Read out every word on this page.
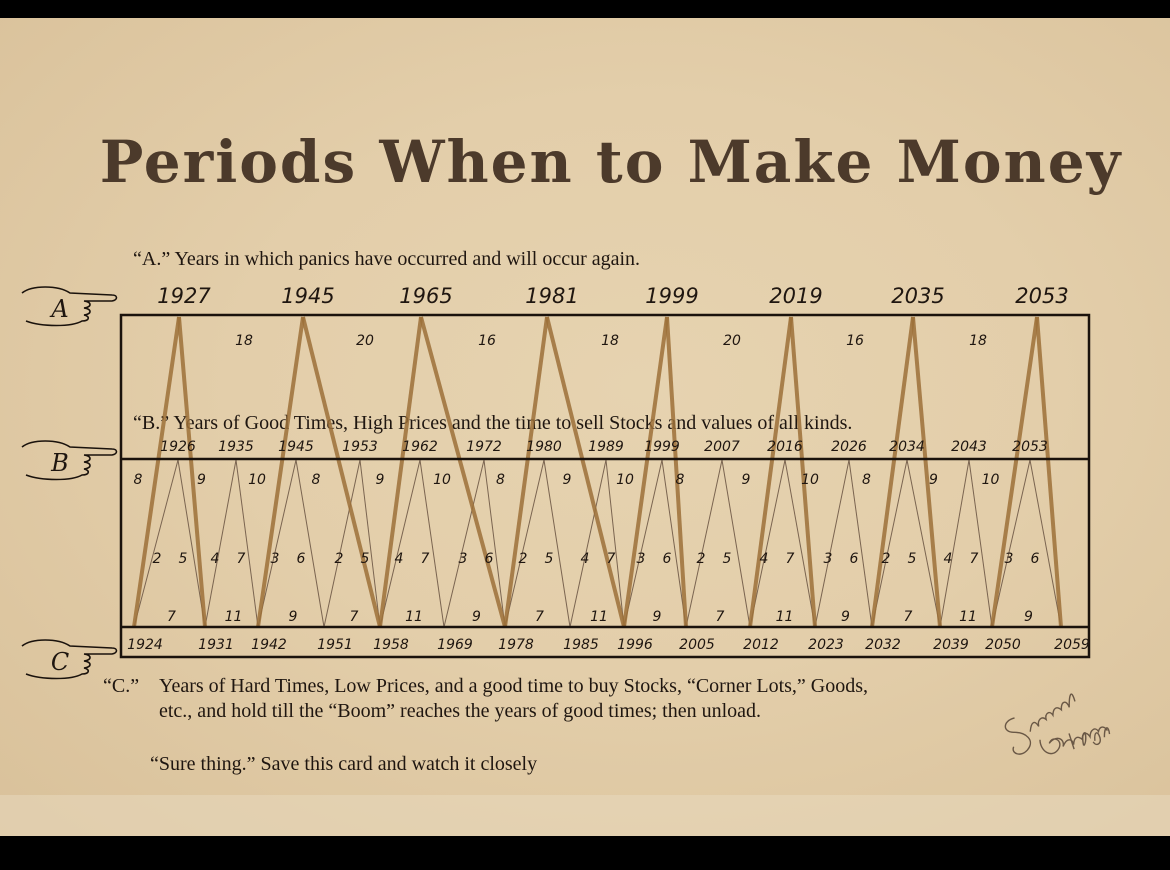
Periods When to Make Money
“A.” Years in which panics have occurred and will occur again.
“B.” Years of Good Times, High Prices and the time to sell Stocks and values of all kinds.
“C.” Years of Hard Times, Low Prices, and a good time to buy Stocks, “Corner Lots,” Goods,
etc., and hold till the “Boom” reaches the years of good times; then unload.
“Sure thing.” Save this card and watch it closely
A
B
C
1927	1945	1965	1981	1999	2019	2035	2053
18	20	16	18	20	16	18
1926 1935 1945 1953 1962 1972 1980 1989 1999 2007 2016 2026 2034 2043 2053
8	9	10	8	9	10	8	9	10	8	9	10	8	9	10
2 5 4 7 3 6 2 5 4 7 3 6 2 5 4 7 3 6 2 5 4 7 3 6 2 5 4 7 3 6
7	11	9	7	11	9	7	11	9	7	11	9	7	11	9
1924	1931 1942 1951 1958 1969 1978 1985 1996 2005 2012 2023 2032 2039 2050 2059
